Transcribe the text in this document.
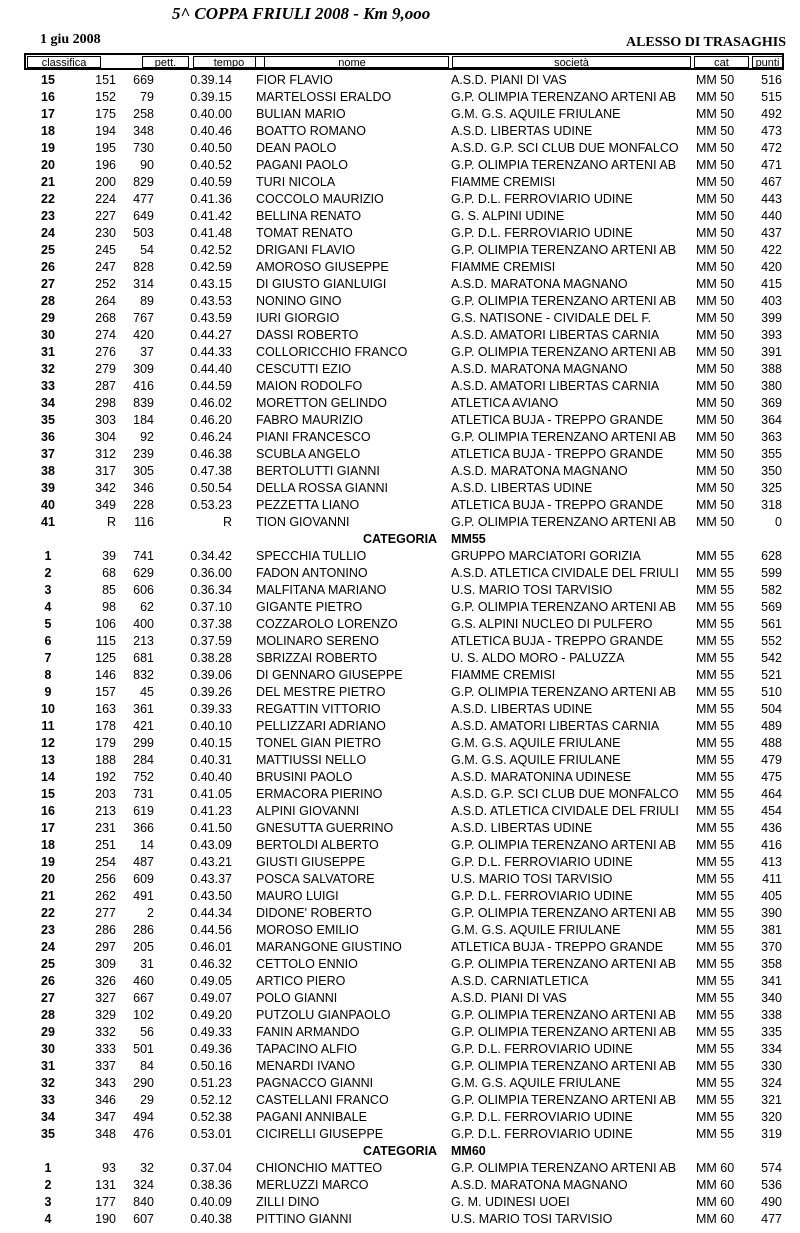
5^ COPPA FRIULI 2008 - Km 9,ooo
1 giu 2008	ALESSO DI TRASAGHIS
classifica	pett.	tempo	nome	società	cat	punti
15	151	669	0.39.14 FIOR FLAVIO	A.S.D. PIANI DI VAS	MM 50	516
16	152	79	0.39.15 MARTELOSSI ERALDO	G.P. OLIMPIA TERENZANO ARTENI AB MM 50	515
17	175	258	0.40.00 BULIAN MARIO	G.M. G.S. AQUILE FRIULANE	MM 50	492
18	194	348	0.40.46 BOATTO ROMANO	A.S.D. LIBERTAS UDINE	MM 50	473
19	195	730	0.40.50 DEAN PAOLO	A.S.D. G.P. SCI CLUB DUE MONFALCO MM 50	472
20	196	90	0.40.52 PAGANI PAOLO	G.P. OLIMPIA TERENZANO ARTENI AB MM 50	471
21	200	829	0.40.59 TURI NICOLA	FIAMME CREMISI	MM 50	467
22	224	477	0.41.36 COCCOLO MAURIZIO	G.P. D.L. FERROVIARIO UDINE	MM 50	443
23	227	649	0.41.42 BELLINA RENATO	G. S. ALPINI UDINE	MM 50	440
24	230	503	0.41.48 TOMAT RENATO	G.P. D.L. FERROVIARIO UDINE	MM 50	437
25	245	54	0.42.52 DRIGANI FLAVIO	G.P. OLIMPIA TERENZANO ARTENI AB MM 50	422
26	247	828	0.42.59 AMOROSO GIUSEPPE	FIAMME CREMISI	MM 50	420
27	252	314	0.43.15 DI GIUSTO GIANLUIGI	A.S.D. MARATONA MAGNANO	MM 50	415
28	264	89	0.43.53 NONINO GINO	G.P. OLIMPIA TERENZANO ARTENI AB MM 50	403
29	268	767	0.43.59 IURI GIORGIO	G.S. NATISONE - CIVIDALE DEL F.	MM 50	399
30	274	420	0.44.27 DASSI ROBERTO	A.S.D. AMATORI LIBERTAS CARNIA	MM 50	393
31	276	37	0.44.33 COLLORICCHIO FRANCO	G.P. OLIMPIA TERENZANO ARTENI AB MM 50	391
32	279	309	0.44.40 CESCUTTI EZIO	A.S.D. MARATONA MAGNANO	MM 50	388
33	287	416	0.44.59 MAION RODOLFO	A.S.D. AMATORI LIBERTAS CARNIA	MM 50	380
34	298	839	0.46.02 MORETTON GELINDO	ATLETICA AVIANO	MM 50	369
35	303	184	0.46.20 FABRO MAURIZIO	ATLETICA BUJA - TREPPO GRANDE	MM 50	364
36	304	92	0.46.24 PIANI FRANCESCO	G.P. OLIMPIA TERENZANO ARTENI AB MM 50	363
37	312	239	0.46.38 SCUBLA ANGELO	ATLETICA BUJA - TREPPO GRANDE	MM 50	355
38	317	305	0.47.38 BERTOLUTTI GIANNI	A.S.D. MARATONA MAGNANO	MM 50	350
39	342	346	0.50.54 DELLA ROSSA GIANNI	A.S.D. LIBERTAS UDINE	MM 50	325
40	349	228	0.53.23 PEZZETTA LIANO	ATLETICA BUJA - TREPPO GRANDE	MM 50	318
41	R	116	R TION GIOVANNI	G.P. OLIMPIA TERENZANO ARTENI AB MM 50	0
CATEGORIA MM55
1	39	741	0.34.42 SPECCHIA TULLIO	GRUPPO MARCIATORI GORIZIA	MM 55	628
2	68	629	0.36.00 FADON ANTONINO	A.S.D. ATLETICA CIVIDALE DEL FRIULI MM 55	599
3	85	606	0.36.34 MALFITANA MARIANO	U.S. MARIO TOSI TARVISIO	MM 55	582
4	98	62	0.37.10 GIGANTE PIETRO	G.P. OLIMPIA TERENZANO ARTENI AB MM 55	569
5	106	400	0.37.38 COZZAROLO LORENZO	G.S. ALPINI NUCLEO DI PULFERO	MM 55	561
6	115	213	0.37.59 MOLINARO SERENO	ATLETICA BUJA - TREPPO GRANDE	MM 55	552
7	125	681	0.38.28 SBRIZZAI ROBERTO	U. S. ALDO MORO - PALUZZA	MM 55	542
8	146	832	0.39.06 DI GENNARO GIUSEPPE	FIAMME CREMISI	MM 55	521
9	157	45	0.39.26 DEL MESTRE PIETRO	G.P. OLIMPIA TERENZANO ARTENI AB MM 55	510
10	163	361	0.39.33 REGATTIN VITTORIO	A.S.D. LIBERTAS UDINE	MM 55	504
11	178	421	0.40.10 PELLIZZARI ADRIANO	A.S.D. AMATORI LIBERTAS CARNIA	MM 55	489
12	179	299	0.40.15 TONEL GIAN PIETRO	G.M. G.S. AQUILE FRIULANE	MM 55	488
13	188	284	0.40.31 MATTIUSSI NELLO	G.M. G.S. AQUILE FRIULANE	MM 55	479
14	192	752	0.40.40 BRUSINI PAOLO	A.S.D. MARATONINA UDINESE	MM 55	475
15	203	731	0.41.05 ERMACORA PIERINO	A.S.D. G.P. SCI CLUB DUE MONFALCO MM 55	464
16	213	619	0.41.23 ALPINI GIOVANNI	A.S.D. ATLETICA CIVIDALE DEL FRIULI MM 55	454
17	231	366	0.41.50 GNESUTTA GUERRINO	A.S.D. LIBERTAS UDINE	MM 55	436
18	251	14	0.43.09 BERTOLDI ALBERTO	G.P. OLIMPIA TERENZANO ARTENI AB MM 55	416
19	254	487	0.43.21 GIUSTI GIUSEPPE	G.P. D.L. FERROVIARIO UDINE	MM 55	413
20	256	609	0.43.37 POSCA SALVATORE	U.S. MARIO TOSI TARVISIO	MM 55	411
21	262	491	0.43.50 MAURO LUIGI	G.P. D.L. FERROVIARIO UDINE	MM 55	405
22	277	2	0.44.34 DIDONE' ROBERTO	G.P. OLIMPIA TERENZANO ARTENI AB MM 55	390
23	286	286	0.44.56 MOROSO EMILIO	G.M. G.S. AQUILE FRIULANE	MM 55	381
24	297	205	0.46.01 MARANGONE GIUSTINO	ATLETICA BUJA - TREPPO GRANDE	MM 55	370
25	309	31	0.46.32 CETTOLO ENNIO	G.P. OLIMPIA TERENZANO ARTENI AB MM 55	358
26	326	460	0.49.05 ARTICO PIERO	A.S.D. CARNIATLETICA	MM 55	341
27	327	667	0.49.07 POLO GIANNI	A.S.D. PIANI DI VAS	MM 55	340
28	329	102	0.49.20 PUTZOLU GIANPAOLO	G.P. OLIMPIA TERENZANO ARTENI AB MM 55	338
29	332	56	0.49.33 FANIN ARMANDO	G.P. OLIMPIA TERENZANO ARTENI AB MM 55	335
30	333	501	0.49.36 TAPACINO ALFIO	G.P. D.L. FERROVIARIO UDINE	MM 55	334
31	337	84	0.50.16 MENARDI IVANO	G.P. OLIMPIA TERENZANO ARTENI AB MM 55	330
32	343	290	0.51.23 PAGNACCO GIANNI	G.M. G.S. AQUILE FRIULANE	MM 55	324
33	346	29	0.52.12 CASTELLANI FRANCO	G.P. OLIMPIA TERENZANO ARTENI AB MM 55	321
34	347	494	0.52.38 PAGANI ANNIBALE	G.P. D.L. FERROVIARIO UDINE	MM 55	320
35	348	476	0.53.01 CICIRELLI GIUSEPPE	G.P. D.L. FERROVIARIO UDINE	MM 55	319
CATEGORIA MM60
1	93	32	0.37.04 CHIONCHIO MATTEO	G.P. OLIMPIA TERENZANO ARTENI AB MM 60	574
2	131	324	0.38.36 MERLUZZI MARCO	A.S.D. MARATONA MAGNANO	MM 60	536
3	177	840	0.40.09 ZILLI DINO	G. M. UDINESI UOEI	MM 60	490
4	190	607	0.40.38 PITTINO GIANNI	U.S. MARIO TOSI TARVISIO	MM 60	477
